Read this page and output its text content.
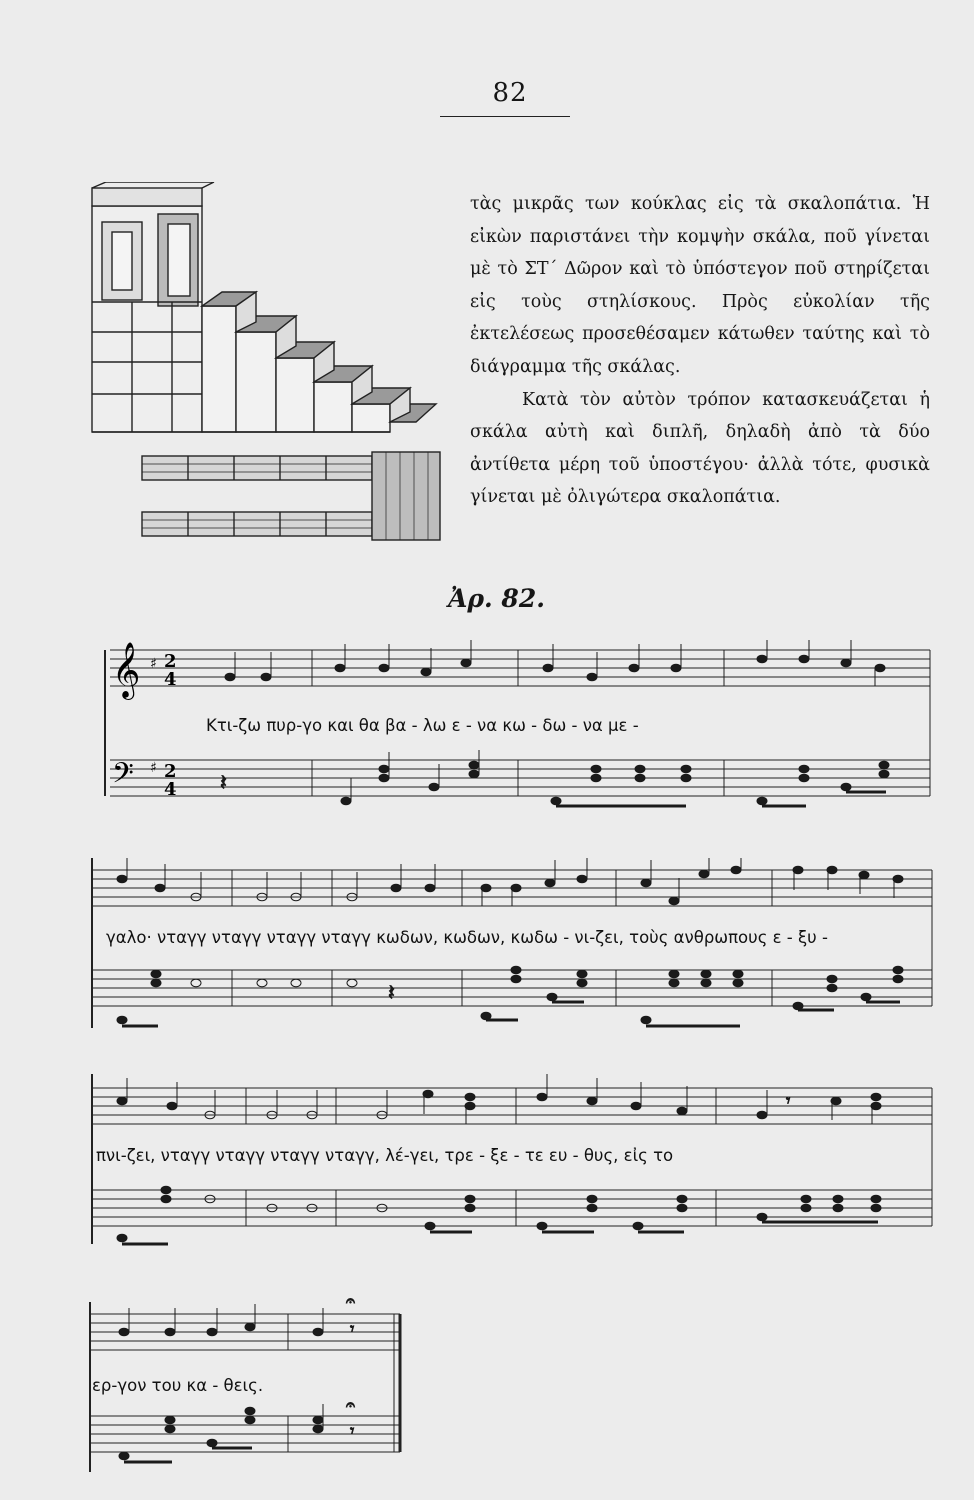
82

τὰς μικρᾶς των κούκλας εἰς τὰ σκαλοπάτια. Ἡ εἰκὼν παριστάνει τὴν κομψὴν σκάλα, ποῦ γίνεται μὲ τὸ ΣΤ΄ Δῶρον καὶ τὸ ὑπόστεγον ποῦ στηρίζεται εἰς τοὺς στηλίσκους. Πρὸς εὐκολίαν τῆς ἐκτελέσεως προσεθέσαμεν κάτωθεν ταύτης καὶ τὸ διάγραμμα τῆς σκάλας.

Κατὰ τὸν αὐτὸν τρόπον κατασκευάζεται ἡ σκάλα αὐτὴ καὶ διπλῆ, δηλαδὴ ἀπὸ τὰ δύο ἀντίθετα μέρη τοῦ ὑποστέγου· ἀλλὰ τότε, φυσικὰ γίνεται μὲ ὀλιγώτερα σκαλοπάτια.

Ἀρ. 82.
𝄞 ♯ 2
4
𝄢 ♯ 2
4 𝄽
Κτι-ζω πυρ-γο και θα βα - λω ε - να κω - δω - να με -
𝄽
γαλο· νταγγ νταγγ νταγγ νταγγ κωδων, κωδων, κωδω - νι-ζει, τοὺς ανθρωπους ε - ξυ -
𝄾
πνι-ζει, νταγγ νταγγ νταγγ νταγγ, λέ-γει, τρε - ξε - τε ευ - θυς, εἰς το
𝄾
𝄐
𝄾
𝄐
ερ-γον του κα - θεις.
